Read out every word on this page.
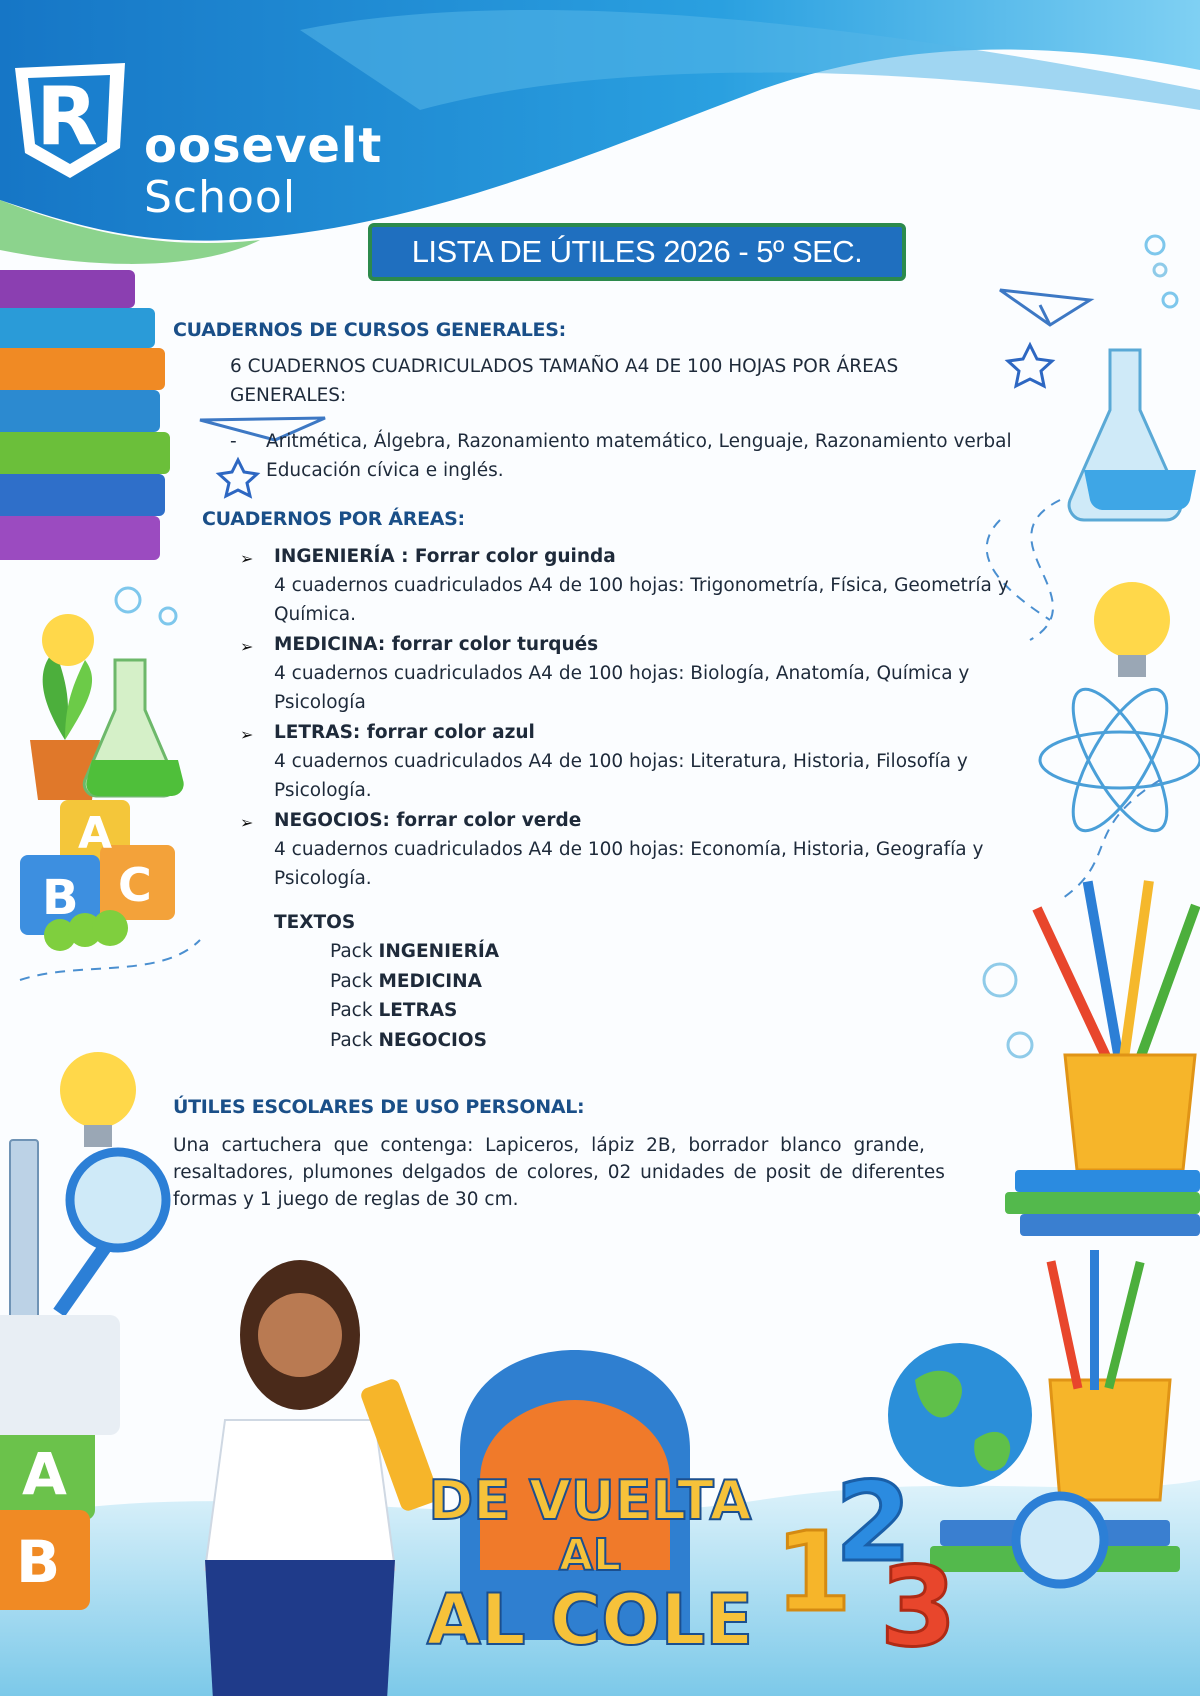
1
2
3
R oosevelt
School
LISTA DE ÚTILES 2026 - 5º SEC.
CUADERNOS DE CURSOS GENERALES:
6 CUADERNOS CUADRICULADOS TAMAÑO A4 DE 100 HOJAS POR ÁREAS
GENERALES:
- Aritmética, Álgebra, Razonamiento matemático, Lenguaje, Razonamiento verbal
Educación cívica e inglés.
CUADERNOS POR ÁREAS:
➢ INGENIERÍA : Forrar color guinda
4 cuadernos cuadriculados A4 de 100 hojas: Trigonometría, Física, Geometría y
Química.
➢ MEDICINA: forrar color turqués
4 cuadernos cuadriculados A4 de 100 hojas: Biología, Anatomía, Química y
Psicología
➢ LETRAS: forrar color azul
4 cuadernos cuadriculados A4 de 100 hojas: Literatura, Historia, Filosofía y
Psicología.
➢ NEGOCIOS: forrar color verde
4 cuadernos cuadriculados A4 de 100 hojas: Economía, Historia, Geografía y
Psicología.
TEXTOS
Pack INGENIERÍA
Pack MEDICINA
Pack LETRAS
Pack NEGOCIOS
ÚTILES ESCOLARES DE USO PERSONAL:
Una cartuchera que contenga: Lapiceros, lápiz 2B, borrador blanco grande,
resaltadores, plumones delgados de colores, 02 unidades de posit de diferentes
formas y 1 juego de reglas de 30 cm.
DE VUELTA
AL
AL COLE
A
B C
A
B
